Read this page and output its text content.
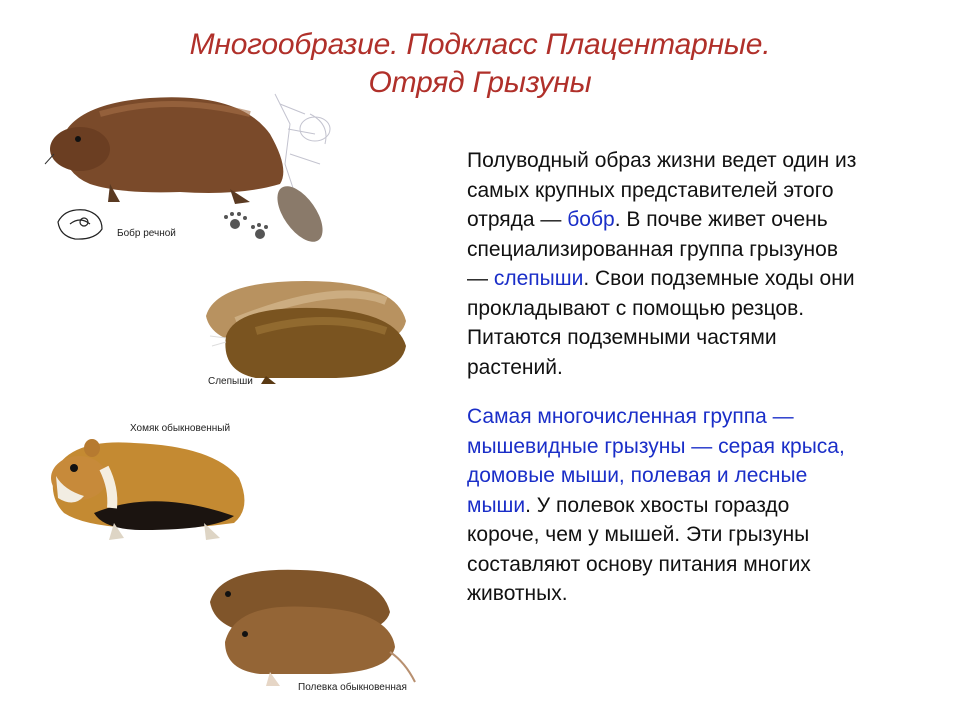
Многообразие. Подкласс Плацентарные.
Отряд Грызуны
Бобр речной
Слепыши
Хомяк обыкновенный
Полевка обыкновенная
Полуводный образ жизни ведет один из
самых крупных представителей этого
отряда — бобр. В почве живет очень
специализированная группа грызунов
— слепыши. Свои подземные ходы они
прокладывают с помощью резцов.
Питаются подземными частями
растений.
Самая многочисленная группа —
мышевидные грызуны — серая крыса,
домовые мыши, полевая и лесные
мыши. У полевок хвосты гораздо
короче, чем у мышей. Эти грызуны
составляют основу питания многих
животных.
